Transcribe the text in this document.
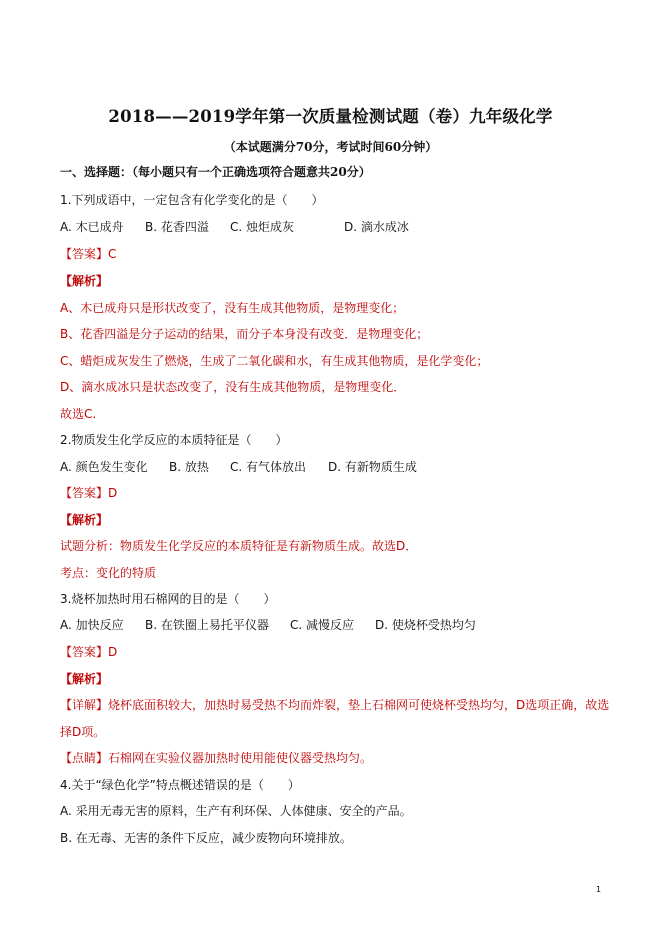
2018——2019学年第一次质量检测试题（卷）九年级化学
（本试题满分70分，考试时间60分钟）
一、选择题：（每小题只有一个正确选项符合题意共20分）
1.下列成语中，一定包含有化学变化的是（　　）
A. 木已成舟 B. 花香四溢 C. 烛炬成灰	D. 滴水成冰
【答案】C
【解析】
A、木已成舟只是形状改变了，没有生成其他物质，是物理变化；
B、花香四溢是分子运动的结果，而分子本身没有改变．是物理变化；
C、蜡炬成灰发生了燃烧，生成了二氧化碳和水，有生成其他物质，是化学变化；
D、滴水成冰只是状态改变了，没有生成其他物质，是物理变化．
故选C.
2.物质发生化学反应的本质特征是（　　）
A. 颜色发生变化 B. 放热 C. 有气体放出 D. 有新物质生成
【答案】D
【解析】
试题分析：物质发生化学反应的本质特征是有新物质生成。故选D．
考点：变化的特质
3.烧杯加热时用石棉网的目的是（　　）
A. 加快反应 B. 在铁圈上易托平仪器 C. 减慢反应 D. 使烧杯受热均匀
【答案】D
【解析】
【详解】烧杯底面积较大，加热时易受热不均而炸裂，垫上石棉网可使烧杯受热均匀，D选项正确，故选
择D项。
【点睛】石棉网在实验仪器加热时使用能使仪器受热均匀。
4.关于“绿色化学”特点概述错误的是（　　）
A. 采用无毒无害的原料，生产有利环保、人体健康、安全的产品。
B. 在无毒、无害的条件下反应，减少废物向环境排放。
1
